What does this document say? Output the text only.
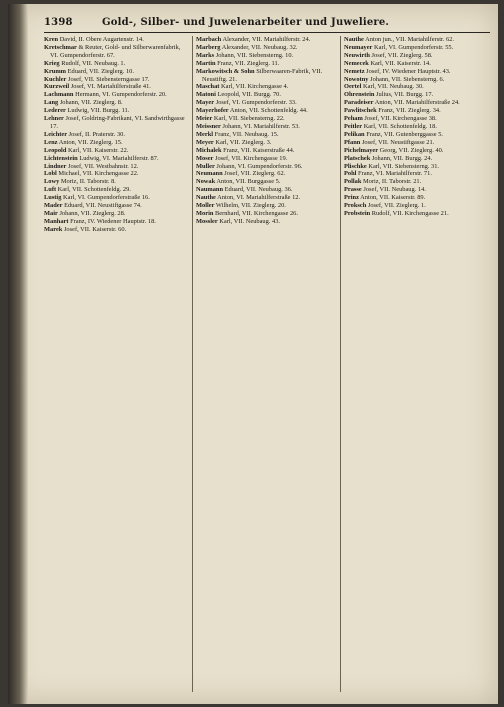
1398	Gold-, Silber- und Juwelenarbeiter und Juweliere.

Kren David, II. Obere Augartenstr. 14.

Kretschmar & Reuter, Gold- und Silberwarenfabrik, VI. Gumpendorferstr. 67.

Krieg Rudolf, VII. Neubaug. 1.

Krumm Eduard, VII. Zieglerg. 10.

Kuchler Josef, VII. Siebensterngasse 17.

Kurzweil Josef, VI. Mariahilferstraße 41.

Lachmann Hermann, VI. Gumpendorferstr. 20.

Lang Johann, VII. Zieglerg. 8.

Lederer Ludwig, VII. Burgg. 11.

Lehner Josef, Goldring-Fabrikant, VI. Sandwirthgasse 17.

Leichter Josef, II. Praterstr. 30.

Lenz Anton, VII. Zieglerg. 15.

Leopold Karl, VII. Kaiserstr. 22.

Lichtenstein Ludwig, VI. Mariahilferstr. 87.

Lindner Josef, VII. Westbahnstr. 12.

Lobl Michael, VII. Kirchengasse 22.

Lowy Moriz, II. Taborstr. 8.

Luft Karl, VII. Schottenfeldg. 29.

Lustig Karl, VI. Gumpendorferstraße 16.

Mader Eduard, VII. Neustiftgasse 74.

Mair Johann, VII. Zieglerg. 28.

Manhart Franz, IV. Wiedener Hauptstr. 18.

Marek Josef, VII. Kaiserstr. 60.

Marbach Alexander, VII. Mariahilferstr. 24.

Marberg Alexander, VII. Neubaug. 32.

Marks Johann, VII. Siebensterng. 10.

Martin Franz, VII. Zieglerg. 11.

Markowitsch & Sohn Silberwaaren-Fabrik, VII. Neustiftg. 21.

Maschat Karl, VII. Kirchengasse 4.

Matoni Leopold, VII. Burgg. 70.

Mayer Josef, VI. Gumpendorferstr. 33.

Mayerhofer Anton, VII. Schottenfeldg. 44.

Meier Karl, VII. Siebensterng. 22.

Meissner Johann, VI. Mariahilferstr. 53.

Merkl Franz, VII. Neubaug. 15.

Meyer Karl, VII. Zieglerg. 3.

Michalek Franz, VII. Kaiserstraße 44.

Moser Josef, VII. Kirchengasse 19.

Muller Johann, VI. Gumpendorferstr. 96.

Neumann Josef, VII. Zieglerg. 62.

Nowak Anton, VII. Burggasse 5.

Naumann Eduard, VII. Neubaug. 36.

Nauthe Anton, VI. Mariahilferstraße 12.

Moller Wilhelm, VII. Zieglerg. 20.

Morin Bernhard, VII. Kirchengasse 26.

Mossler Karl, VII. Neubaug. 43.

Nauthe Anton jun., VII. Mariahilferstr. 62.

Neumayer Karl, VI. Gumpendorferstr. 55.

Neuwirth Josef, VII. Zieglerg. 58.

Nemecek Karl, VII. Kaiserstr. 14.

Nemetz Josef, IV. Wiedener Hauptstr. 43.

Nowotny Johann, VII. Siebensterng. 6.

Oertel Karl, VII. Neubaug. 30.

Ohrenstein Julius, VII. Burgg. 17.

Paradeiser Anton, VII. Mariahilferstraße 24.

Pawlitschek Franz, VII. Zieglerg. 34.

Peham Josef, VII. Kirchengasse 38.

Peitler Karl, VII. Schottenfeldg. 18.

Pelikan Franz, VII. Gutenberggasse 5.

Pfann Josef, VII. Neustiftgasse 21.

Pichelmayer Georg, VII. Zieglerg. 40.

Platschek Johann, VII. Burgg. 24.

Plischke Karl, VII. Siebensterng. 31.

Pohl Franz, VI. Mariahilferstr. 71.

Pollak Moriz, II. Taborstr. 21.

Prasse Josef, VII. Neubaug. 14.

Prinz Anton, VII. Kaiserstr. 89.

Proksch Josef, VII. Zieglerg. 1.

Probstein Rudolf, VII. Kirchengasse 21.
